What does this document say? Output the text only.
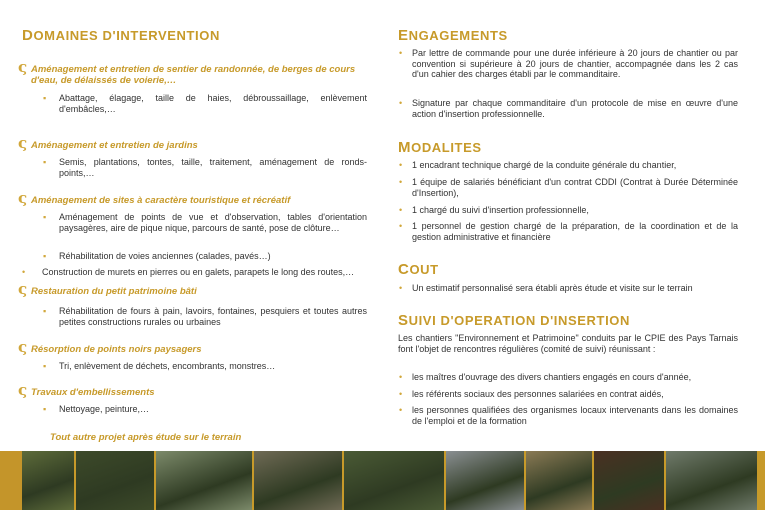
DOMAINES D'INTERVENTION
ς Aménagement et entretien de sentier de randonnée, de berges de cours d'eau, de délaissés de voierie,…
▪ Abattage, élagage, taille de haies, débroussaillage, enlèvement d'embâcles,…
ς Aménagement et entretien de jardins
▪ Semis, plantations, tontes, taille, traitement, aménagement de ronds-points,…
ς Aménagement de sites à caractère touristique et récréatif
▪ Aménagement de points de vue et d'observation, tables d'orientation paysagères, aire de pique nique, parcours de santé, pose de clôture…
▪ Réhabilitation de voies anciennes (calades, pavés…)
• Construction de murets en pierres ou en galets, parapets le long des routes,…
ς Restauration du petit patrimoine bâti
▪ Réhabilitation de fours à pain, lavoirs, fontaines, pesquiers et toutes autres petites constructions rurales ou urbaines
ς Résorption de points noirs paysagers
▪ Tri, enlèvement de déchets, encombrants, monstres…
ς Travaux d'embellissements
▪ Nettoyage, peinture,…
Tout autre projet après étude sur le terrain
ENGAGEMENTS
• Par lettre de commande pour une durée inférieure à 20 jours de chantier ou par convention si supérieure à 20 jours de chantier, accompagnée dans les 2 cas d'un cahier des charges établi par le commanditaire.
• Signature par chaque commanditaire d'un protocole de mise en œuvre d'une action d'insertion professionnelle.
MODALITES
• 1 encadrant technique chargé de la conduite générale du chantier,
• 1 équipe de salariés bénéficiant d'un contrat CDDI (Contrat à Durée Déterminée d'Insertion),
• 1 chargé du suivi d'insertion professionnelle,
• 1 personnel de gestion chargé de la préparation, de la coordination et de la gestion administrative et financière
COUT
• Un estimatif personnalisé sera établi après étude et visite sur le terrain
SUIVI D'OPERATION D'INSERTION
Les chantiers "Environnement et Patrimoine" conduits par le CPIE des Pays Tarnais font l'objet de rencontres régulières (comité de suivi) réunissant :
• les maîtres d'ouvrage des divers chantiers engagés en cours d'année,
• les référents sociaux des personnes salariées en contrat aidés,
• les personnes qualifiées des organismes locaux intervenants dans les domaines de l'emploi et de la formation
